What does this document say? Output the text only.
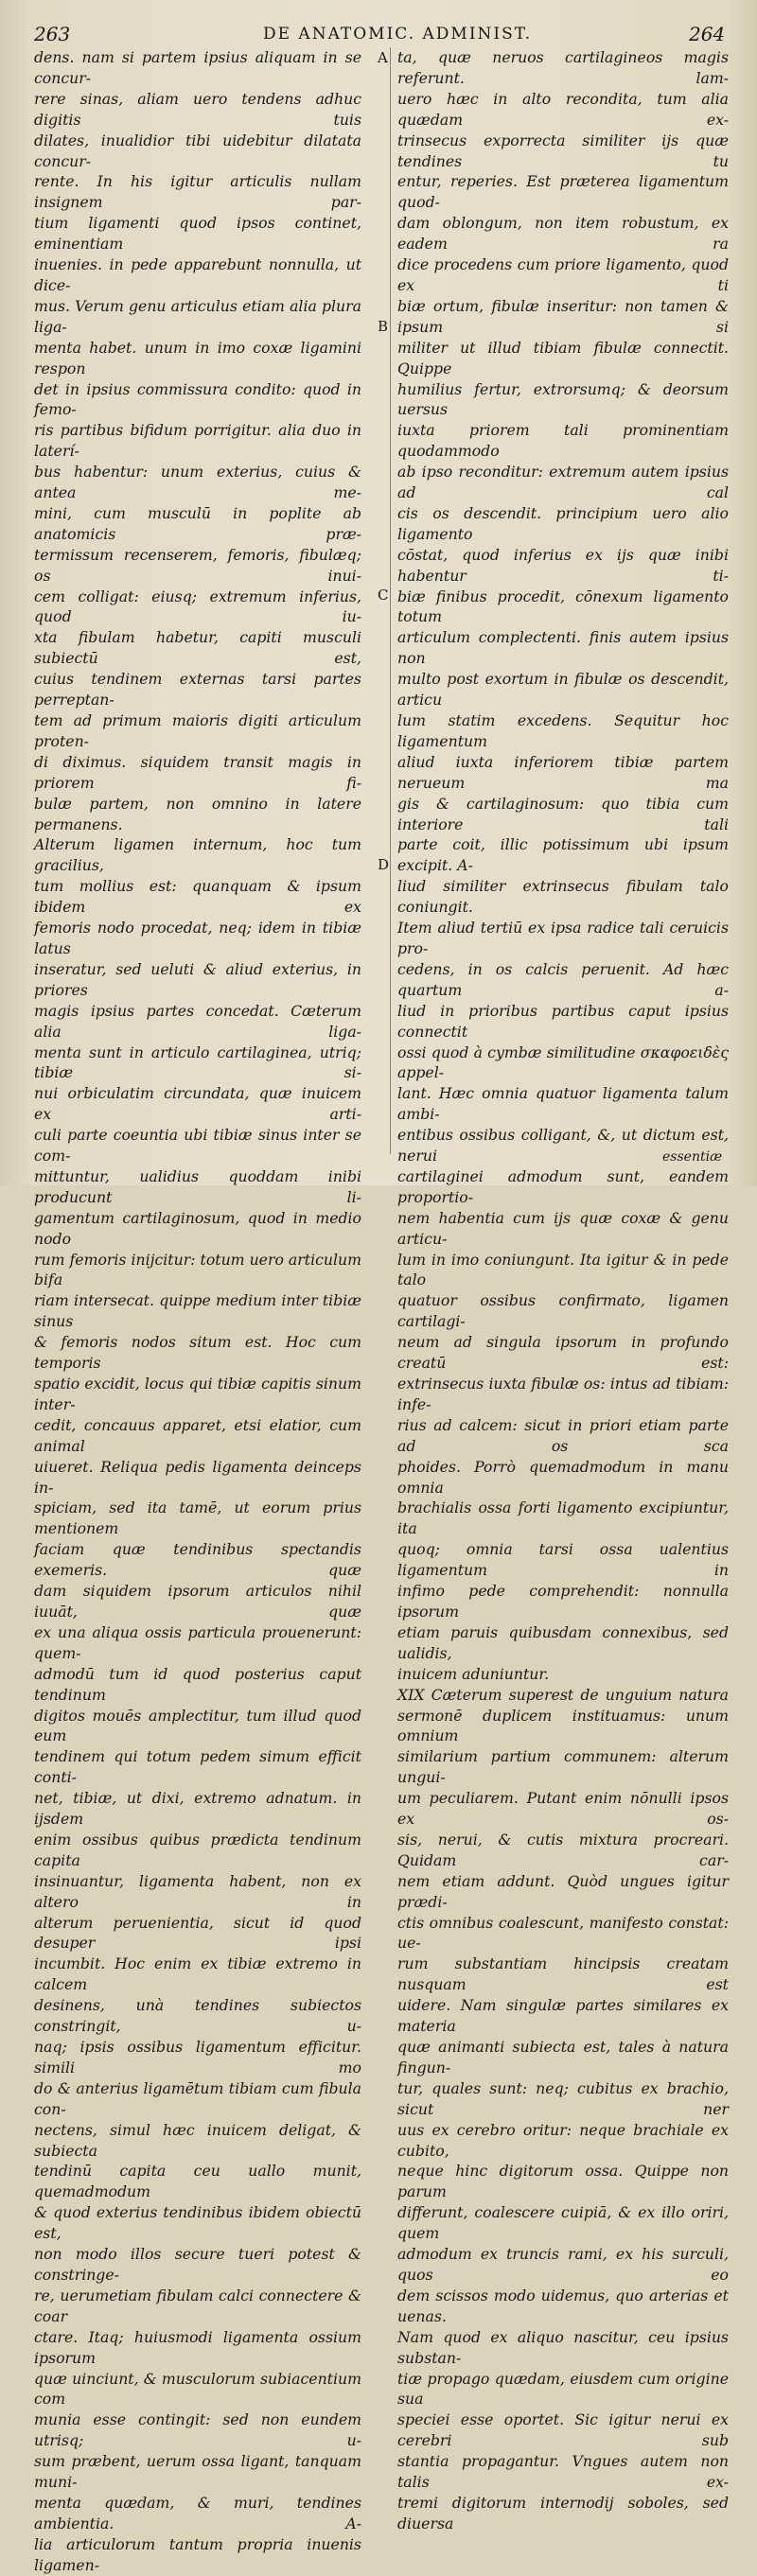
263	DE ANATOMIC. ADMINIST.	264

dens. nam si partem ipsius aliquam in se concur-

rere sinas, aliam uero tendens adhuc digitis tuis

dilates, inualidior tibi uidebitur dilatata concur-

rente. In his igitur articulis nullam insignem par-

tium ligamenti quod ipsos continet, eminentiam

inuenies. in pede apparebunt nonnulla, ut dice-

mus. Verum genu articulus etiam alia plura liga-

menta habet. unum in imo coxæ ligamini respon

det in ipsius commissura condito: quod in femo-

ris partibus bifidum porrigitur. alia duo in laterí-

bus habentur: unum exterius, cuius & antea me-

mini, cum musculū in poplite ab anatomicis præ-

termissum recenserem, femoris, fibulæq; os inui-

cem colligat: eiusq; extremum inferius, quod iu-

xta fibulam habetur, capiti musculi subiectū est,

cuius tendinem externas tarsi partes perreptan-

tem ad primum maioris digiti articulum proten-

di diximus. siquidem transit magis in priorem fi-

bulæ partem, non omnino in latere permanens.

Alterum ligamen internum, hoc tum gracilius,

tum mollius est: quanquam & ipsum ibidem ex

femoris nodo procedat, neq; idem in tibiæ latus

inseratur, sed ueluti & aliud exterius, in priores

magis ipsius partes concedat. Cæterum alia liga-

menta sunt in articulo cartilaginea, utriq; tibiæ si-

nui orbiculatim circundata, quæ inuicem ex arti-

culi parte coeuntia ubi tibiæ sinus inter se com-

mittuntur, ualidius quoddam inibi producunt li-

gamentum cartilaginosum, quod in medio nodo

rum femoris inijcitur: totum uero articulum bifa

riam intersecat. quippe medium inter tibiæ sinus

& femoris nodos situm est. Hoc cum temporis

spatio excidit, locus qui tibiæ capitis sinum inter-

cedit, concauus apparet, etsi elatior, cum animal

uiueret. Reliqua pedis ligamenta deinceps in-

spiciam, sed ita tamē, ut eorum prius mentionem

faciam quæ tendinibus spectandis exemeris. quæ

dam siquidem ipsorum articulos nihil iuuāt, quæ

ex una aliqua ossis particula prouenerunt: quem-

admodū tum id quod posterius caput tendinum

digitos mouēs amplectitur, tum illud quod eum

tendinem qui totum pedem simum efficit conti-

net, tibiæ, ut dixi, extremo adnatum. in ijsdem

enim ossibus quibus prædicta tendinum capita

insinuantur, ligamenta habent, non ex altero in

alterum peruenientia, sicut id quod desuper ipsi

incumbit. Hoc enim ex tibiæ extremo in calcem

desinens, unà tendines subiectos constringit, u-

naq; ipsis ossibus ligamentum efficitur. simili mo

do & anterius ligamētum tibiam cum fibula con-

nectens, simul hæc inuicem deligat, & subiecta

tendinū capita ceu uallo munit, quemadmodum

& quod exterius tendinibus ibidem obiectū est,

non modo illos secure tueri potest & constringe-

re, uerumetiam fibulam calci connectere & coar

ctare. Itaq; huiusmodi ligamenta ossium ipsorum

quæ uinciunt, & musculorum subiacentium com

munia esse contingit: sed non eundem utrisq; u-

sum præbent, uerum ossa ligant, tanquam muni-

menta quædam, & muri, tendines ambientia. A-

lia articulorum tantum propria inuenis ligamen-

ta, quæ neruos cartilagineos magis referunt. lam-

uero hæc in alto recondita, tum alia quædam ex-

trinsecus exporrecta similiter ijs quæ tendines tu

entur, reperies. Est præterea ligamentum quod-

dam oblongum, non item robustum, ex eadem ra

dice procedens cum priore ligamento, quod ex ti

biæ ortum, fibulæ inseritur: non tamen & ipsum si

militer ut illud tibiam fibulæ connectit. Quippe

humilius fertur, extrorsumq; & deorsum uersus

iuxta priorem tali prominentiam quodammodo

ab ipso reconditur: extremum autem ipsius ad cal

cis os descendit. principium uero alio ligamento

cōstat, quod inferius ex ijs quæ inibi habentur ti-

biæ finibus procedit, cōnexum ligamento totum

articulum complectenti. finis autem ipsius non

multo post exortum in fibulæ os descendit, articu

lum statim excedens. Sequitur hoc ligamentum

aliud iuxta inferiorem tibiæ partem nerueum ma

gis & cartilaginosum: quo tibia cum interiore tali

parte coit, illic potissimum ubi ipsum excipit. A-

liud similiter extrinsecus fibulam talo coniungit.

Item aliud tertiū ex ipsa radice tali ceruicis pro-

cedens, in os calcis peruenit. Ad hæc quartum a-

liud in prioribus partibus caput ipsius connectit

ossi quod à cymbæ similitudine σκαφοειδὲς appel-

lant. Hæc omnia quatuor ligamenta talum ambi-

entibus ossibus colligant, &, ut dictum est, nerui

cartilaginei admodum sunt, eandem proportio-

nem habentia cum ijs quæ coxæ & genu articu-

lum in imo coniungunt. Ita igitur & in pede talo

quatuor ossibus confirmato, ligamen cartilagi-

neum ad singula ipsorum in profundo creatū est:

extrinsecus iuxta fibulæ os: intus ad tibiam: infe-

rius ad calcem: sicut in priori etiam parte ad os sca

phoides. Porrò quemadmodum in manu omnia

brachialis ossa forti ligamento excipiuntur, ita

quoq; omnia tarsi ossa ualentius ligamentum in

infimo pede comprehendit: nonnulla ipsorum

etiam paruis quibusdam connexibus, sed ualidis,

inuicem aduniuntur.

XIX Cæterum superest de unguium natura

sermonē duplicem instituamus: unum omnium

similarium partium communem: alterum ungui-

um peculiarem. Putant enim nōnulli ipsos ex os-

sis, nerui, & cutis mixtura procreari. Quidam car-

nem etiam addunt. Quòd ungues igitur prædi-

ctis omnibus coalescunt, manifesto constat: ue-

rum substantiam hincipsis creatam nusquam est

uidere. Nam singulæ partes similares ex materia

quæ animanti subiecta est, tales à natura fingun-

tur, quales sunt: neq; cubitus ex brachio, sicut ner

uus ex cerebro oritur: neque brachiale ex cubito,

neque hinc digitorum ossa. Quippe non parum

differunt, coalescere cuipiā, & ex illo oriri, quem

admodum ex truncis rami, ex his surculi, quos eo

dem scissos modo uidemus, quo arterias et uenas.

Nam quod ex aliquo nascitur, ceu ipsius substan-

tiæ propago quædam, eiusdem cum origine sua

speciei esse oportet. Sic igitur nerui ex cerebri sub

stantia propagantur. Vngues autem non talis ex-

tremi digitorum internodij soboles, sed diuersa

A
B
C
D
essentiæ
